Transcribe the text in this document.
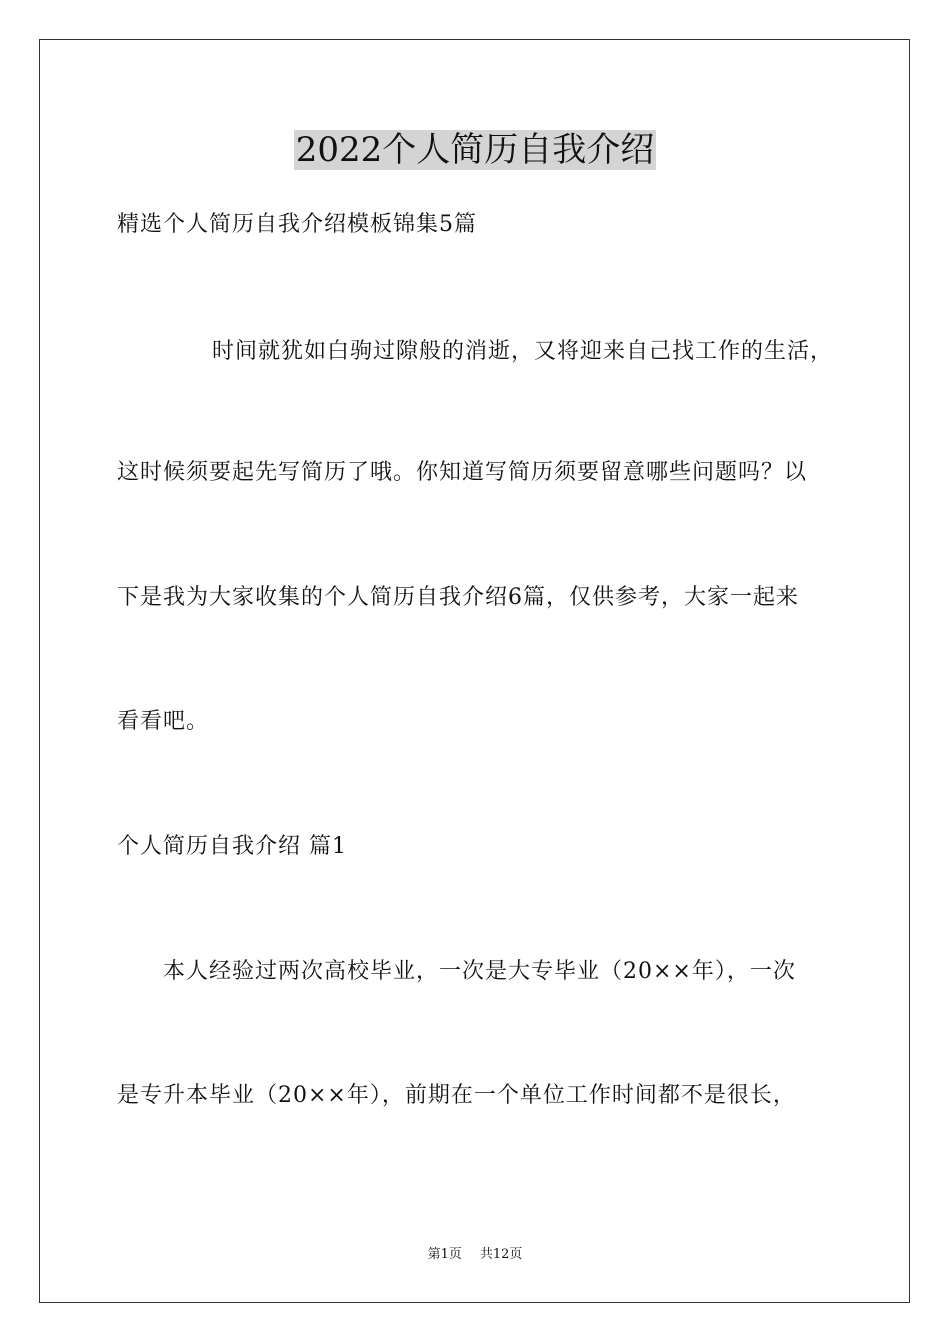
2022个人简历自我介绍
精选个人简历自我介绍模板锦集5篇
时间就犹如白驹过隙般的消逝，又将迎来自己找工作的生活，
这时候须要起先写简历了哦。你知道写简历须要留意哪些问题吗？以
下是我为大家收集的个人简历自我介绍6篇，仅供参考，大家一起来
看看吧。
个人简历自我介绍 篇1
本人经验过两次高校毕业，一次是大专毕业（20××年），一次
是专升本毕业（20××年），前期在一个单位工作时间都不是很长，
第1页 共12页
